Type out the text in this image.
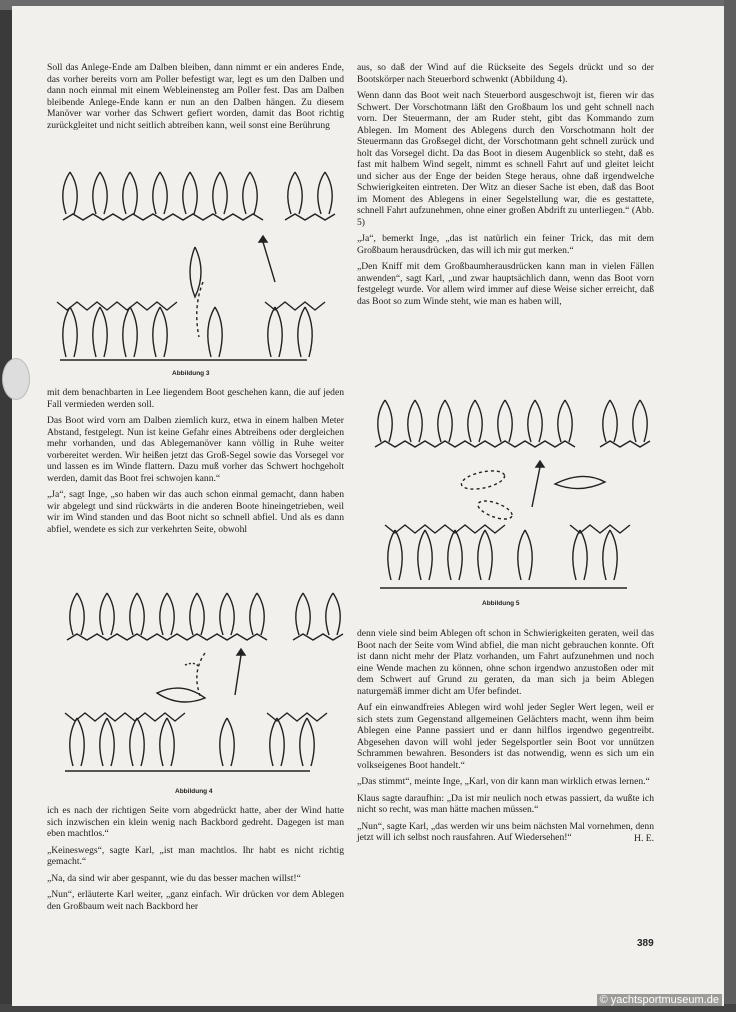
Soll das Anlege-Ende am Dalben bleiben, dann nimmt er ein anderes Ende, das vorher bereits vorn am Poller befestigt war, legt es um den Dalben und dann noch einmal mit einem Webleinensteg am Poller fest. Das am Dalben bleibende Anlege-Ende kann er nun an den Dalben hängen. Zu diesem Manöver war vorher das Schwert gefiert worden, damit das Boot richtig zurückgleitet und nicht seitlich abtreiben kann, weil sonst eine Berührung

Abbildung 3

mit dem benachbarten in Lee liegendem Boot geschehen kann, die auf jeden Fall vermieden werden soll.

Das Boot wird vorn am Dalben ziemlich kurz, etwa in einem halben Meter Abstand, festgelegt. Nun ist keine Gefahr eines Abtreibens oder dergleichen mehr vorhanden, und das Ablegemanöver kann völlig in Ruhe weiter vorbereitet werden. Wir heißen jetzt das Groß-Segel sowie das Vorsegel vor und lassen es im Winde flattern. Dazu muß vorher das Schwert hochgeholt werden, damit das Boot frei schwojen kann.“

„Ja“, sagt Inge, „so haben wir das auch schon einmal gemacht, dann haben wir abgelegt und sind rückwärts in die anderen Boote hineingetrieben, weil wir im Wind standen und das Boot nicht so schnell abfiel. Und als es dann abfiel, wendete es sich zur verkehrten Seite, obwohl

Abbildung 4

ich es nach der richtigen Seite vorn abgedrückt hatte, aber der Wind hatte sich inzwischen ein klein wenig nach Backbord gedreht. Dagegen ist man eben machtlos.“

„Keineswegs“, sagte Karl, „ist man machtlos. Ihr habt es nicht richtig gemacht.“

„Na, da sind wir aber gespannt, wie du das besser machen willst!“

„Nun“, erläuterte Karl weiter, „ganz einfach. Wir drücken vor dem Ablegen den Großbaum weit nach Backbord her

aus, so daß der Wind auf die Rückseite des Segels drückt und so der Bootskörper nach Steuerbord schwenkt (Abbildung 4).

Wenn dann das Boot weit nach Steuerbord ausgeschwojt ist, fieren wir das Schwert. Der Vorschotmann läßt den Großbaum los und geht schnell nach vorn. Der Steuermann, der am Ruder steht, gibt das Kommando zum Ablegen. Im Moment des Ablegens durch den Vorschotmann holt der Steuermann das Großsegel dicht, der Vorschotmann geht schnell zurück und holt das Vorsegel dicht. Da das Boot in diesem Augenblick so steht, daß es fast mit halbem Wind segelt, nimmt es schnell Fahrt auf und gleitet leicht und sicher aus der Enge der beiden Stege heraus, ohne daß irgendwelche Schwierigkeiten eintreten. Der Witz an dieser Sache ist eben, daß das Boot im Moment des Ablegens in einer Segelstellung war, die es gestattete, schnell Fahrt aufzunehmen, ohne einer großen Abdrift zu unterliegen.“ (Abb. 5)

„Ja“, bemerkt Inge, „das ist natürlich ein feiner Trick, das mit dem Großbaum herausdrücken, das will ich mir gut merken.“

„Den Kniff mit dem Großbaumherausdrücken kann man in vielen Fällen anwenden“, sagt Karl, „und zwar hauptsächlich dann, wenn das Boot vorn festgelegt wurde. Vor allem wird immer auf diese Weise sicher erreicht, daß das Boot so zum Winde steht, wie man es haben will,

Abbildung 5

denn viele sind beim Ablegen oft schon in Schwierigkeiten geraten, weil das Boot nach der Seite vom Wind abfiel, die man nicht gebrauchen konnte. Oft ist dann nicht mehr der Platz vorhanden, um Fahrt aufzunehmen und noch eine Wende machen zu können, ohne schon irgendwo anzustoßen oder mit dem Schwert auf Grund zu geraten, da man sich ja beim Ablegen naturgemäß immer dicht am Ufer befindet.

Auf ein einwandfreies Ablegen wird wohl jeder Segler Wert legen, weil er sich stets zum Gegenstand allgemeinen Gelächters macht, wenn ihm beim Ablegen eine Panne passiert und er dann hilflos irgendwo gegentreibt. Abgesehen davon will wohl jeder Segelsportler sein Boot vor unnützen Schrammen bewahren. Besonders ist das notwendig, wenn es sich um ein volkseigenes Boot handelt.“

„Das stimmt“, meinte Inge, „Karl, von dir kann man wirklich etwas lernen.“

Klaus sagte daraufhin: „Da ist mir neulich noch etwas passiert, da wußte ich nicht so recht, was man hätte machen müssen.“

„Nun“, sagte Karl, „das werden wir uns beim nächsten Mal vornehmen, denn jetzt will ich selbst noch rausfahren. Auf Wiedersehen!“	H. E.
389
© yachtsportmuseum.de
